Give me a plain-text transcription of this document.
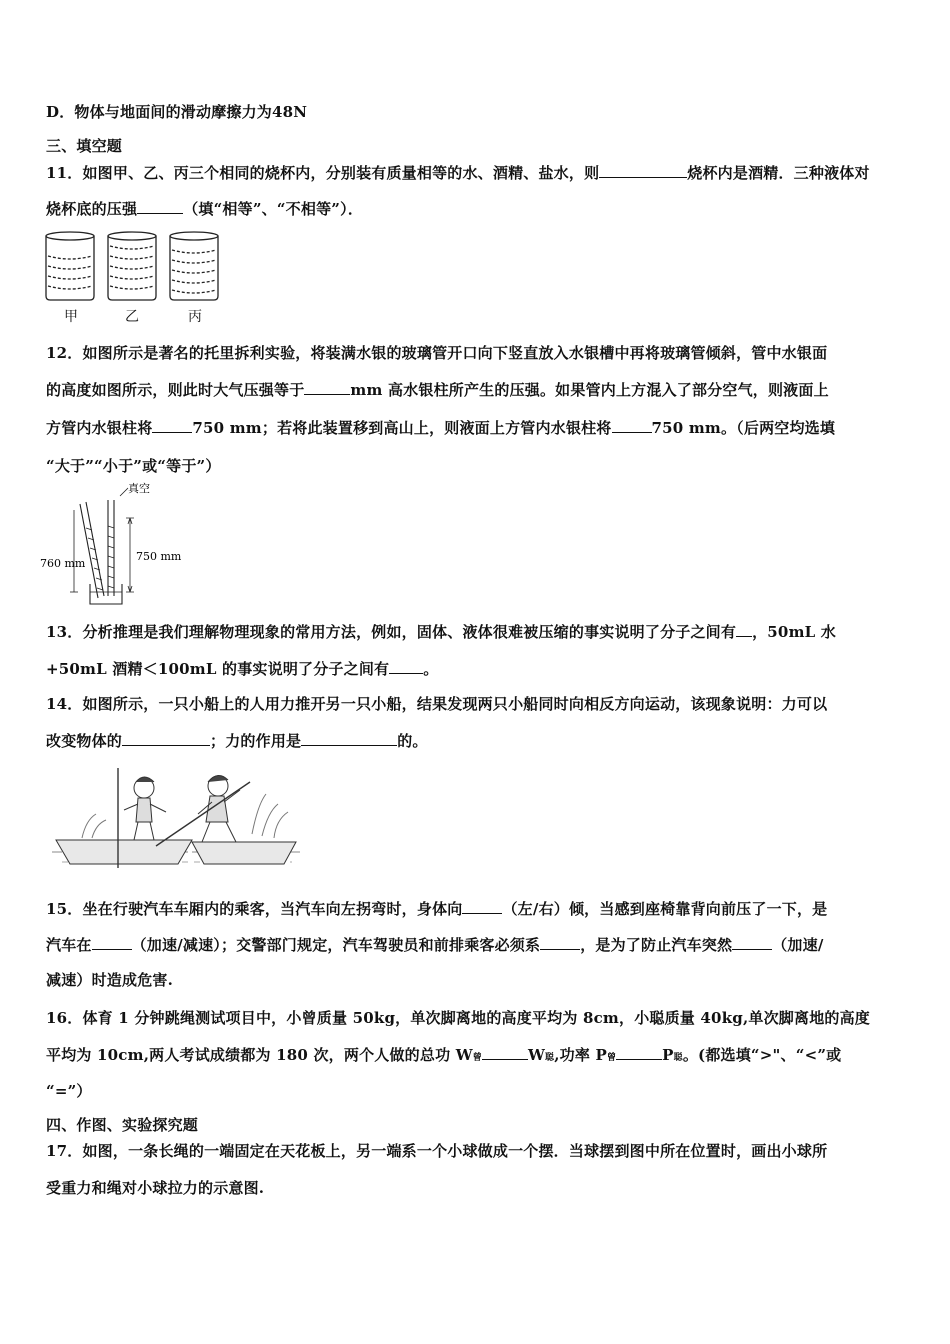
D．物体与地面间的滑动摩擦力为48N
三、填空题
11．如图甲、乙、丙三个相同的烧杯内，分别装有质量相等的水、酒精、盐水，则	烧杯内是酒精．三种液体对
烧杯底的压强	（填“相等”、“不相等”）．
甲	乙	丙
12．如图所示是著名的托里拆利实验，将装满水银的玻璃管开口向下竖直放入水银槽中再将玻璃管倾斜，管中水银面
的高度如图所示，则此时大气压强等于	mm 高水银柱所产生的压强。如果管内上方混入了部分空气，则液面上
方管内水银柱将	750 mm；若将此装置移到高山上，则液面上方管内水银柱将	750 mm。（后两空均选填
“大于”“小于”或“等于”）
真空
760 mm
750 mm
13．分析推理是我们理解物理现象的常用方法，例如，固体、液体很难被压缩的事实说明了分子之间有 ，50mL 水
+50mL 酒精＜100mL 的事实说明了分子之间有 。
14．如图所示，一只小船上的人用力推开另一只小船，结果发现两只小船同时向相反方向运动，该现象说明：力可以
改变物体的	；力的作用是	的。
15．坐在行驶汽车车厢内的乘客，当汽车向左拐弯时，身体向	（左/右）倾，当感到座椅靠背向前压了一下，是
汽车在	（加速/减速）；交警部门规定，汽车驾驶员和前排乘客必须系	，是为了防止汽车突然	（加速/
减速）时造成危害.
16．体育 1 分钟跳绳测试项目中，小曾质量 50kg，单次脚离地的高度平均为 8cm，小聪质量 40kg,单次脚离地的高度
平均为 10cm,两人考试成绩都为 180 次，两个人做的总功 W曾	W聪,功率 P曾	P聪。(都选填“>"、“<”或
“=”）
四、作图、实验探究题
17．如图，一条长绳的一端固定在天花板上，另一端系一个小球做成一个摆．当球摆到图中所在位置时，画出小球所
受重力和绳对小球拉力的示意图.
